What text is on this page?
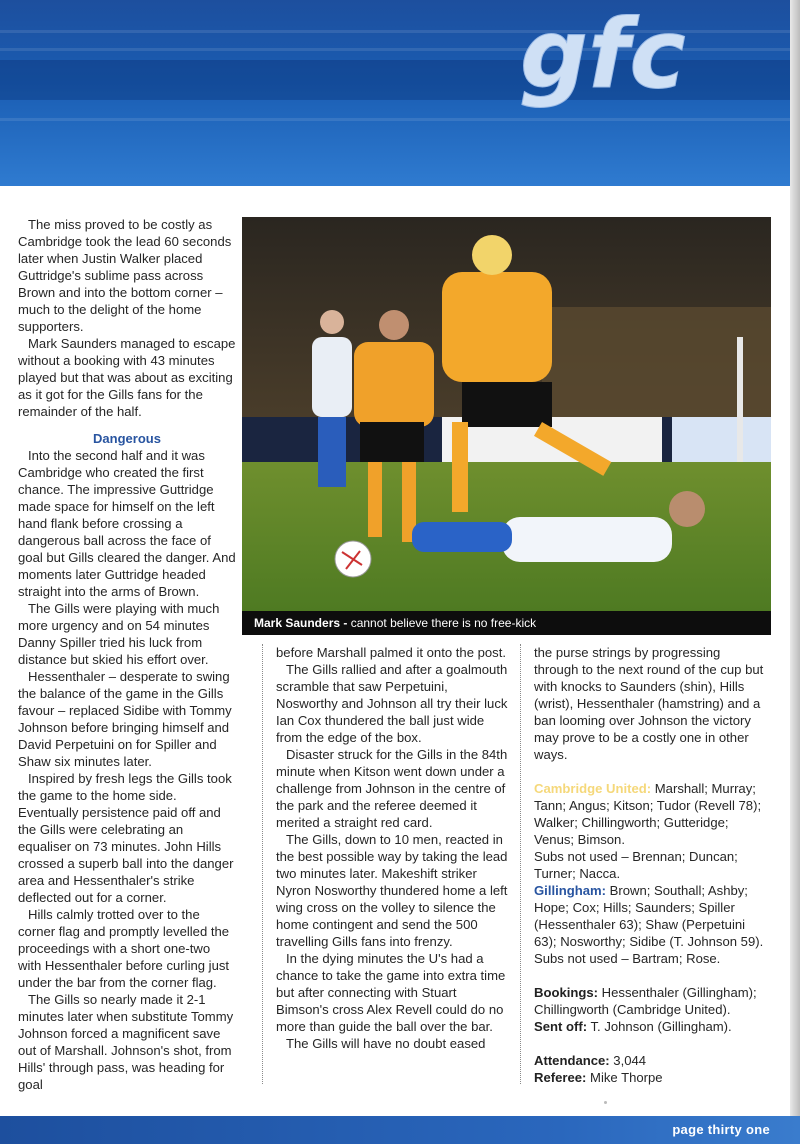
gfc

The miss proved to be costly as Cambridge took the lead 60 seconds later when Justin Walker placed Guttridge's sublime pass across Brown and into the bottom corner – much to the delight of the home supporters.

Mark Saunders managed to escape without a booking with 43 minutes played but that was about as exciting as it got for the Gills fans for the remainder of the half.

Dangerous

Into the second half and it was Cambridge who created the first chance. The impressive Guttridge made space for himself on the left hand flank before crossing a dangerous ball across the face of goal but Gills cleared the danger. And moments later Guttridge headed straight into the arms of Brown.

The Gills were playing with much more urgency and on 54 minutes Danny Spiller tried his luck from distance but skied his effort over.

Hessenthaler – desperate to swing the balance of the game in the Gills favour – replaced Sidibe with Tommy Johnson before bringing himself and David Perpetuini on for Spiller and Shaw six minutes later.

Inspired by fresh legs the Gills took the game to the home side. Eventually persistence paid off and the Gills were celebrating an equaliser on 73 minutes. John Hills crossed a superb ball into the danger area and Hessenthaler's strike deflected out for a corner.

Hills calmly trotted over to the corner flag and promptly levelled the proceedings with a short one-two with Hessenthaler before curling just under the bar from the corner flag.

The Gills so nearly made it 2-1 minutes later when substitute Tommy Johnson forced a magnificent save out of Marshall. Johnson's shot, from Hills' through pass, was heading for goal

Mark Saunders - cannot believe there is no free-kick

before Marshall palmed it onto the post.

The Gills rallied and after a goalmouth scramble that saw Perpetuini, Nosworthy and Johnson all try their luck Ian Cox thundered the ball just wide from the edge of the box.

Disaster struck for the Gills in the 84th minute when Kitson went down under a challenge from Johnson in the centre of the park and the referee deemed it merited a straight red card.

The Gills, down to 10 men, reacted in the best possible way by taking the lead two minutes later. Makeshift striker Nyron Nosworthy thundered home a left wing cross on the volley to silence the home contingent and send the 500 travelling Gills fans into frenzy.

In the dying minutes the U's had a chance to take the game into extra time but after connecting with Stuart Bimson's cross Alex Revell could do no more than guide the ball over the bar.

The Gills will have no doubt eased

the purse strings by progressing through to the next round of the cup but with knocks to Saunders (shin), Hills (wrist), Hessenthaler (hamstring) and a ban looming over Johnson the victory may prove to be a costly one in other ways.

Cambridge United: Marshall; Murray; Tann; Angus; Kitson; Tudor (Revell 78); Walker; Chillingworth; Gutteridge; Venus; Bimson.

Subs not used – Brennan; Duncan; Turner; Nacca.

Gillingham: Brown; Southall; Ashby; Hope; Cox; Hills; Saunders; Spiller (Hessenthaler 63); Shaw (Perpetuini 63); Nosworthy; Sidibe (T. Johnson 59).

Subs not used – Bartram; Rose.

Bookings: Hessenthaler (Gillingham); Chillingworth (Cambridge United).

Sent off: T. Johnson (Gillingham).

Attendance: 3,044

Referee: Mike Thorpe

page thirty one
